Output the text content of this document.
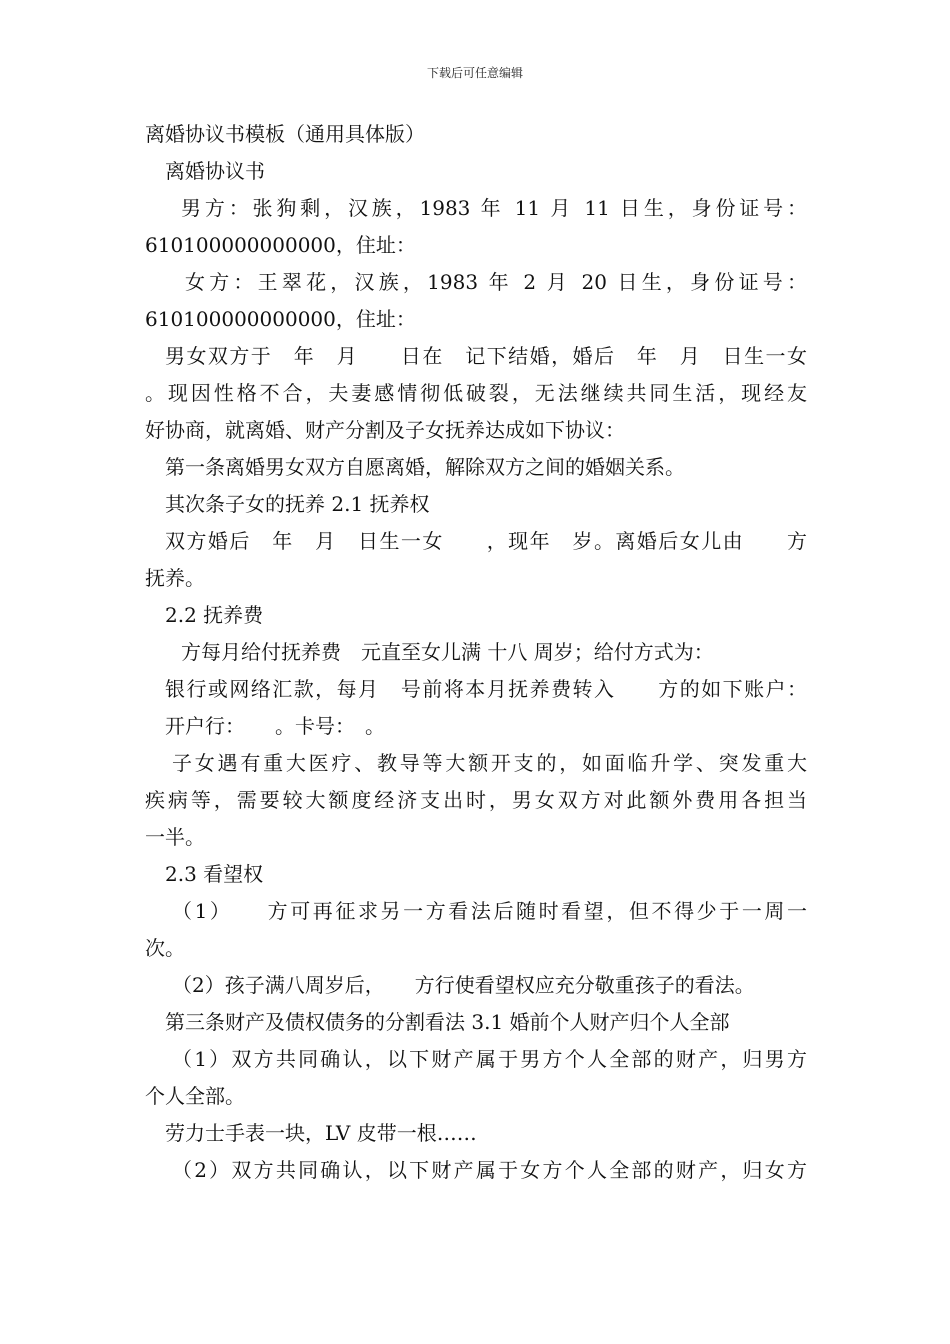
下载后可任意编辑

离婚协议书模板（通用具体版）

离婚协议书

男方：张狗剩，汉族，1983 年 11 月 11 日生，身份证号：

610100000000000，住址：

女方：王翠花，汉族，1983 年 2 月 20 日生，身份证号：

610100000000000，住址：

男女双方于　年　月　　日在　记下结婚，婚后　年　月　日生一女

。现因性格不合，夫妻感情彻低破裂，无法继续共同生活，现经友

好协商，就离婚、财产分割及子女抚养达成如下协议：

第一条离婚男女双方自愿离婚，解除双方之间的婚姻关系。

其次条子女的抚养 2.1 抚养权

双方婚后　年　月　日生一女　　，现年　岁。离婚后女儿由　　方

抚养。

2.2 抚养费

方每月给付抚养费　元直至女儿满 十八 周岁；给付方式为：

银行或网络汇款，每月　号前将本月抚养费转入　　方的如下账户：

开户行：　　。卡号：　。

子女遇有重大医疗、教导等大额开支的，如面临升学、突发重大

疾病等，需要较大额度经济支出时，男女双方对此额外费用各担当

一半。

2.3 看望权

（1）　　方可再征求另一方看法后随时看望，但不得少于一周一

次。

（2）孩子满八周岁后，　　方行使看望权应充分敬重孩子的看法。

第三条财产及债权债务的分割看法 3.1 婚前个人财产归个人全部

（1）双方共同确认，以下财产属于男方个人全部的财产，归男方

个人全部。

劳力士手表一块，LV 皮带一根……

（2）双方共同确认，以下财产属于女方个人全部的财产，归女方
